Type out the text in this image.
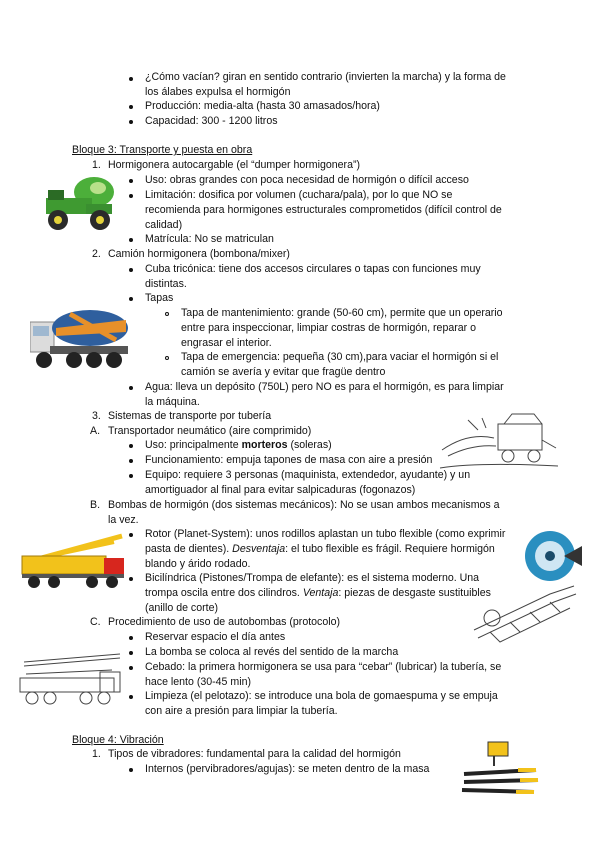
¿Cómo vacían? giran en sentido contrario (invierten la marcha) y la forma de
los álabes expulsa el hormigón
Producción: media-alta (hasta 30 amasados/hora)
Capacidad: 300 - 1200 litros
Bloque 3: Transporte y puesta en obra
1. Hormigonera autocargable (el “dumper hormigonera”)
Uso: obras grandes con poca necesidad de hormigón o difícil acceso
Limitación: dosifica por volumen (cuchara/pala), por lo que NO se
recomienda para hormigones estructurales comprometidos (difícil control de
calidad)
Matrícula: No se matriculan
2. Camión hormigonera (bombona/mixer)
Cuba tricónica: tiene dos accesos circulares o tapas con funciones muy
distintas.
Tapas
Tapa de mantenimiento: grande (50-60 cm), permite que un operario
entre para inspeccionar, limpiar costras de hormigón, reparar o
engrasar el interior.
Tapa de emergencia: pequeña (30 cm),para vaciar el hormigón si el
camión se avería y evitar que fragüe dentro
Agua: lleva un depósito (750L) pero NO es para el hormigón, es para limpiar
la máquina.
3. Sistemas de transporte por tubería
A. Transportador neumático (aire comprimido)
Uso: principalmente morteros (soleras)
Funcionamiento: empuja tapones de masa con aire a presión
Equipo: requiere 3 personas (maquinista, extendedor, ayudante) y un
amortiguador al final para evitar salpicaduras (fogonazos)
B. Bombas de hormigón (dos sistemas mecánicos): No se usan ambos mecanismos a
la vez.
Rotor (Planet-System): unos rodillos aplastan un tubo flexible (como exprimir
pasta de dientes). Desventaja: el tubo flexible es frágil. Requiere hormigón
blando y árido rodado.
Bicilíndrica (Pistones/Trompa de elefante): es el sistema moderno. Una
trompa oscila entre dos cilindros. Ventaja: piezas de desgaste sustituibles
(anillo de corte)
C. Procedimiento de uso de autobombas (protocolo)
Reservar espacio el día antes
La bomba se coloca al revés del sentido de la marcha
Cebado: la primera hormigonera se usa para “cebar” (lubricar) la tubería, se
hace lento (30-45 min)
Limpieza (el pelotazo): se introduce una bola de gomaespuma y se empuja
con aire a presión para limpiar la tubería.
Bloque 4: Vibración
1. Tipos de vibradores: fundamental para la calidad del hormigón
Internos (pervibradores/agujas): se meten dentro de la masa
